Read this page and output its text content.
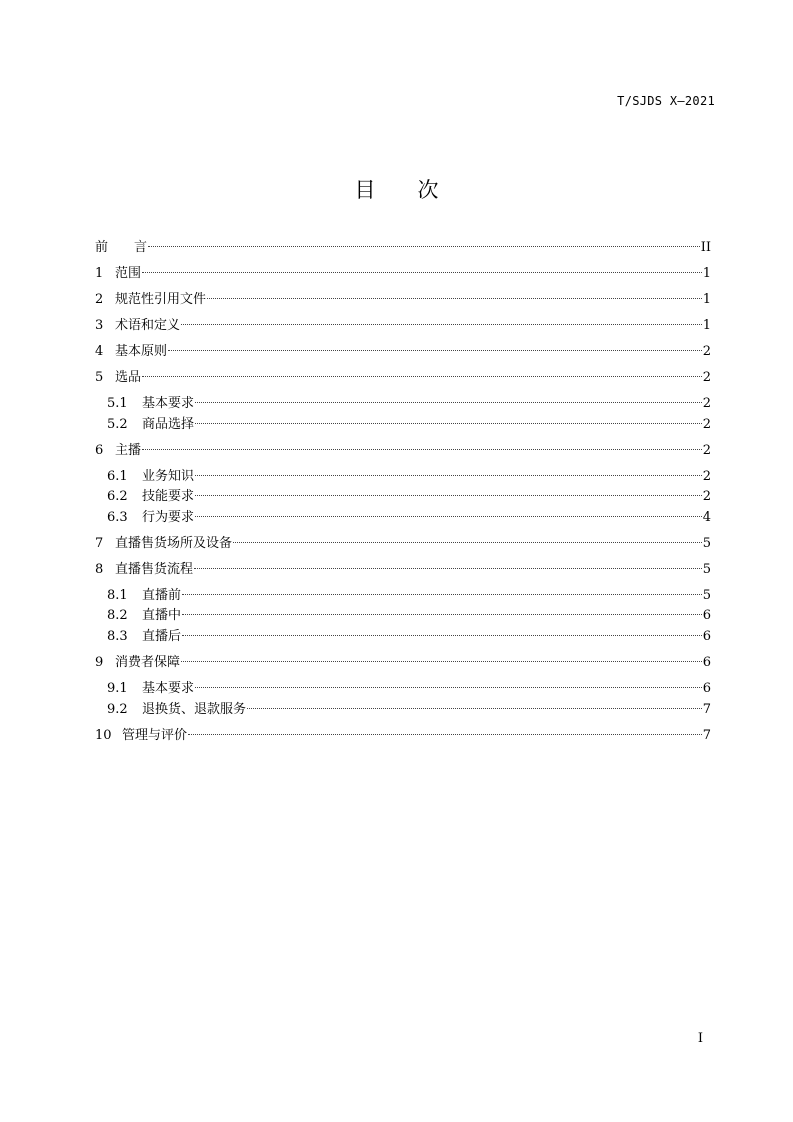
T/SJDS X—2021
目 次
前　　言	II
1 范围	1
2 规范性引用文件	1
3 术语和定义	1
4 基本原则	2
5 选品	2
5.1	基本要求	2
5.2	商品选择	2
6 主播	2
6.1	业务知识	2
6.2	技能要求	2
6.3	行为要求	4
7 直播售货场所及设备	5
8 直播售货流程	5
8.1	直播前	5
8.2	直播中	6
8.3	直播后	6
9 消费者保障	6
9.1	基本要求	6
9.2	退换货、退款服务	7
10 管理与评价	7
I
